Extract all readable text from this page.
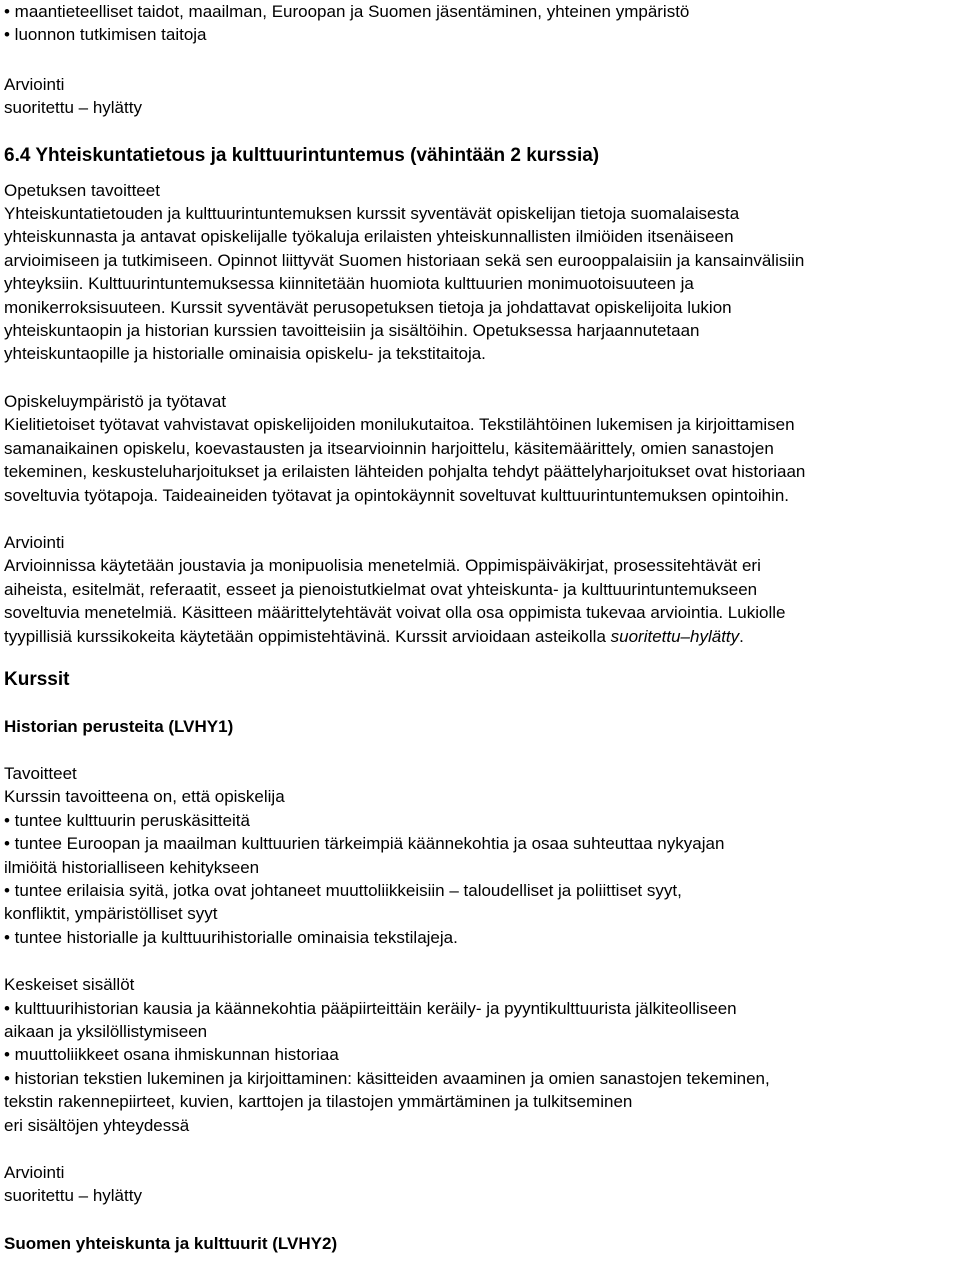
• maantieteelliset taidot, maailman, Euroopan ja Suomen jäsentäminen, yhteinen ympäristö
• luonnon tutkimisen taitoja
Arviointi
suoritettu – hylätty
6.4 Yhteiskuntatietous ja kulttuurintuntemus (vähintään 2 kurssia)
Opetuksen tavoitteet
Yhteiskuntatietouden ja kulttuurintuntemuksen kurssit syventävät opiskelijan tietoja suomalaisesta
yhteiskunnasta ja antavat opiskelijalle työkaluja erilaisten yhteiskunnallisten ilmiöiden itsenäiseen
arvioimiseen ja tutkimiseen. Opinnot liittyvät Suomen historiaan sekä sen eurooppalaisiin ja kansainvälisiin
yhteyksiin. Kulttuurintuntemuksessa kiinnitetään huomiota kulttuurien monimuotoisuuteen ja
monikerroksisuuteen. Kurssit syventävät perusopetuksen tietoja ja johdattavat opiskelijoita lukion
yhteiskuntaopin ja historian kurssien tavoitteisiin ja sisältöihin. Opetuksessa harjaannutetaan
yhteiskuntaopille ja historialle ominaisia opiskelu- ja tekstitaitoja.
Opiskeluympäristö ja työtavat
Kielitietoiset työtavat vahvistavat opiskelijoiden monilukutaitoa. Tekstilähtöinen lukemisen ja kirjoittamisen
samanaikainen opiskelu, koevastausten ja itsearvioinnin harjoittelu, käsitemäärittely, omien sanastojen
tekeminen, keskusteluharjoitukset ja erilaisten lähteiden pohjalta tehdyt päättelyharjoitukset ovat historiaan
soveltuvia työtapoja. Taideaineiden työtavat ja opintokäynnit soveltuvat kulttuurintuntemuksen opintoihin.
Arviointi
Arvioinnissa käytetään joustavia ja monipuolisia menetelmiä. Oppimispäiväkirjat, prosessitehtävät eri
aiheista, esitelmät, referaatit, esseet ja pienoistutkielmat ovat yhteiskunta- ja kulttuurintuntemukseen
soveltuvia menetelmiä. Käsitteen määrittelytehtävät voivat olla osa oppimista tukevaa arviointia. Lukiolle
tyypillisiä kurssikokeita käytetään oppimistehtävinä. Kurssit arvioidaan asteikolla suoritettu–hylätty.
Kurssit
Historian perusteita (LVHY1)
Tavoitteet
Kurssin tavoitteena on, että opiskelija
• tuntee kulttuurin peruskäsitteitä
• tuntee Euroopan ja maailman kulttuurien tärkeimpiä käännekohtia ja osaa suhteuttaa nykyajan
ilmiöitä historialliseen kehitykseen
• tuntee erilaisia syitä, jotka ovat johtaneet muuttoliikkeisiin – taloudelliset ja poliittiset syyt,
konfliktit, ympäristölliset syyt
• tuntee historialle ja kulttuurihistorialle ominaisia tekstilajeja.
Keskeiset sisällöt
• kulttuurihistorian kausia ja käännekohtia pääpiirteittäin keräily- ja pyyntikulttuurista jälkiteolliseen
aikaan ja yksilöllistymiseen
• muuttoliikkeet osana ihmiskunnan historiaa
• historian tekstien lukeminen ja kirjoittaminen: käsitteiden avaaminen ja omien sanastojen tekeminen,
tekstin rakennepiirteet, kuvien, karttojen ja tilastojen ymmärtäminen ja tulkitseminen
eri sisältöjen yhteydessä
Arviointi
suoritettu – hylätty
Suomen yhteiskunta ja kulttuurit (LVHY2)
